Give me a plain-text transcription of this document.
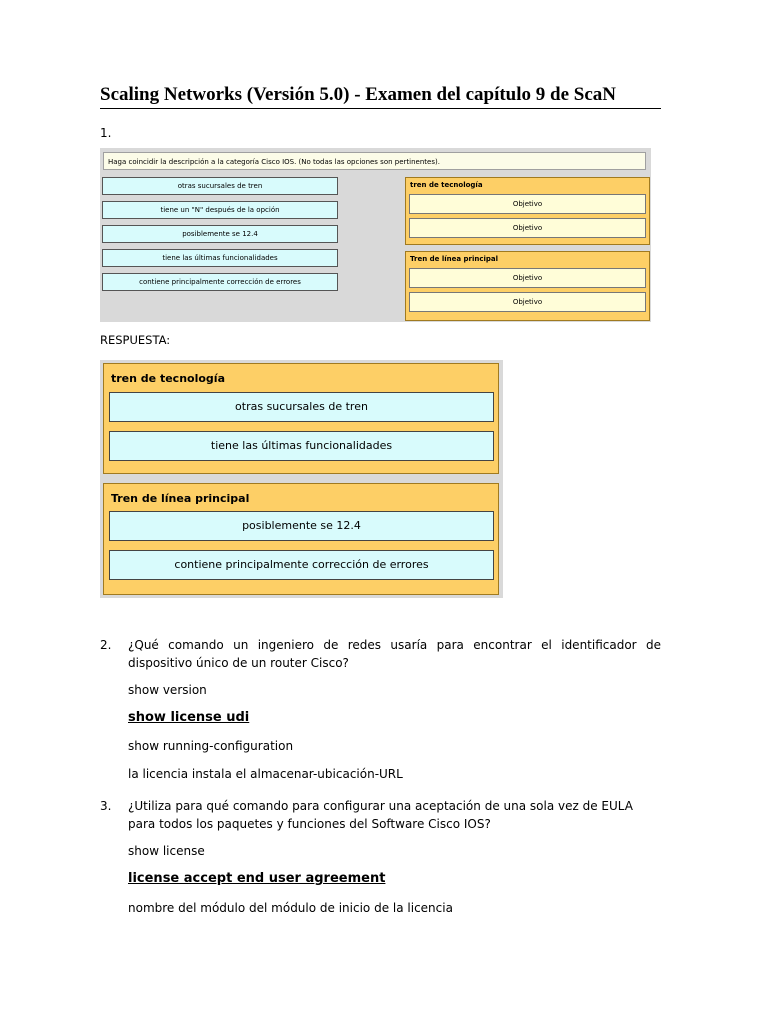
Scaling Networks (Versión 5.0) - Examen del capítulo 9 de ScaN
1.
Haga coincidir la descripción a la categoría Cisco IOS. (No todas las opciones son pertinentes).
otras sucursales de tren
tiene un "N" después de la opción
posiblemente se 12.4
tiene las últimas funcionalidades
contiene principalmente corrección de errores
tren de tecnología
Objetivo
Objetivo
Tren de línea principal
Objetivo
Objetivo
RESPUESTA:
tren de tecnología
otras sucursales de tren
tiene las últimas funcionalidades
Tren de línea principal
posiblemente se 12.4
contiene principalmente corrección de errores
2. ¿Qué comando un ingeniero de redes usaría para encontrar el identificador de dispositivo único de un router Cisco?
show version
show license udi
show running-configuration
la licencia instala el almacenar-ubicación-URL
3. ¿Utiliza para qué comando para configurar una aceptación de una sola vez de EULA para todos los paquetes y funciones del Software Cisco IOS?
show license
license accept end user agreement
nombre del módulo del módulo de inicio de la licencia
